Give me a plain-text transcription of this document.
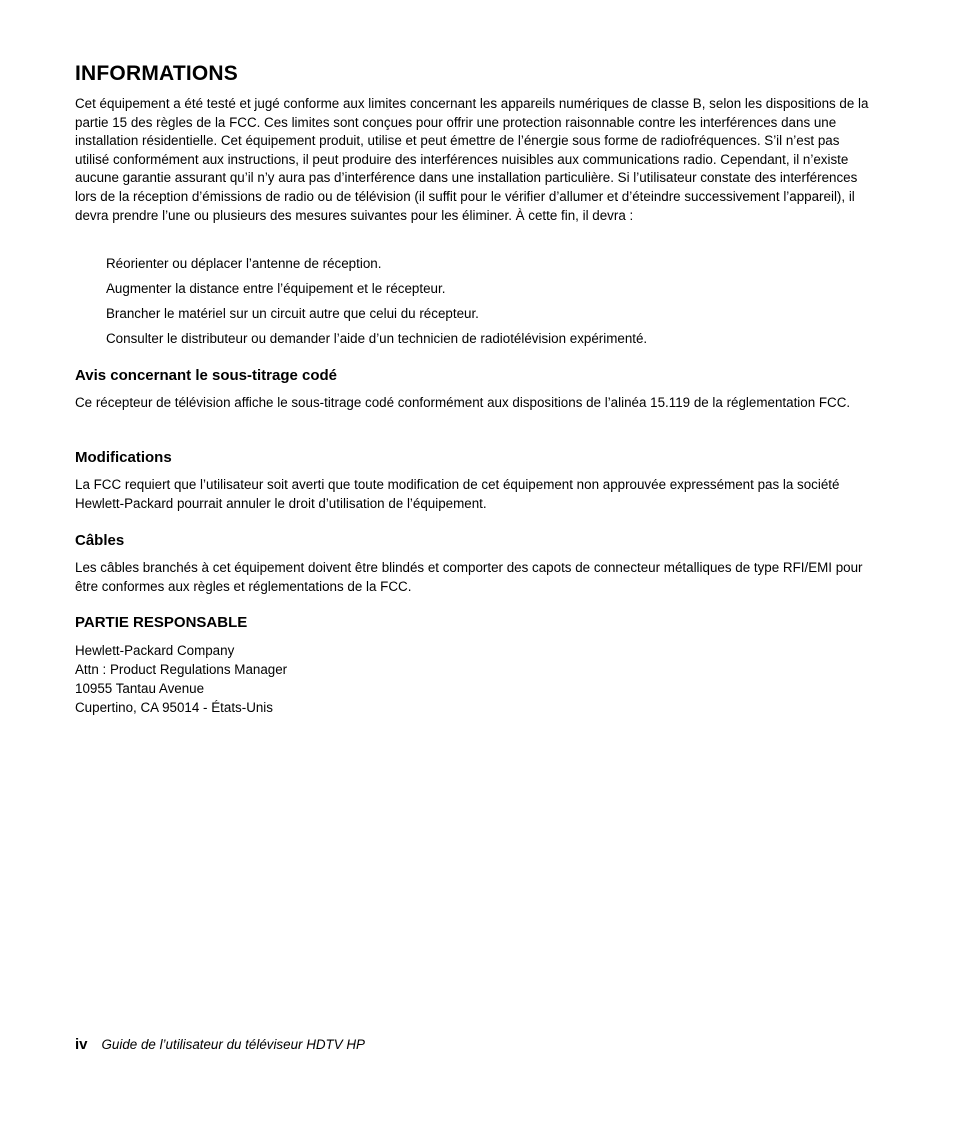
INFORMATIONS

Cet équipement a été testé et jugé conforme aux limites concernant les appareils numériques de classe B, selon les dispositions de la partie 15 des règles de la FCC. Ces limites sont conçues pour offrir une protection raisonnable contre les interférences dans une installation résidentielle. Cet équipement produit, utilise et peut émettre de l’énergie sous forme de radiofréquences. S’il n’est pas utilisé conformément aux instructions, il peut produire des interférences nuisibles aux communications radio. Cependant, il n’existe aucune garantie assurant qu’il n’y aura pas d’interférence dans une installation particulière. Si l’utilisateur constate des interférences lors de la réception d’émissions de radio ou de télévision (il suffit pour le vérifier d’allumer et d’éteindre successivement l’appareil), il devra prendre l’une ou plusieurs des mesures suivantes pour les éliminer. À cette fin, il devra :

Réorienter ou déplacer l’antenne de réception.
Augmenter la distance entre l’équipement et le récepteur.
Brancher le matériel sur un circuit autre que celui du récepteur.
Consulter le distributeur ou demander l’aide d’un technicien de radiotélévision expérimenté.
Avis concernant le sous-titrage codé

Ce récepteur de télévision affiche le sous-titrage codé conformément aux dispositions de l’alinéa 15.119 de la réglementation FCC.

Modifications

La FCC requiert que l’utilisateur soit averti que toute modification de cet équipement non approuvée expressément pas la société Hewlett-Packard pourrait annuler le droit d’utilisation de l’équipement.

Câbles

Les câbles branchés à cet équipement doivent être blindés et comporter des capots de connecteur métalliques de type RFI/EMI pour être conformes aux règles et réglementations de la FCC.

PARTIE RESPONSABLE
Hewlett-Packard Company
Attn : Product Regulations Manager
10955 Tantau Avenue
Cupertino, CA 95014 - États-Unis
iv Guide de l’utilisateur du téléviseur HDTV HP
